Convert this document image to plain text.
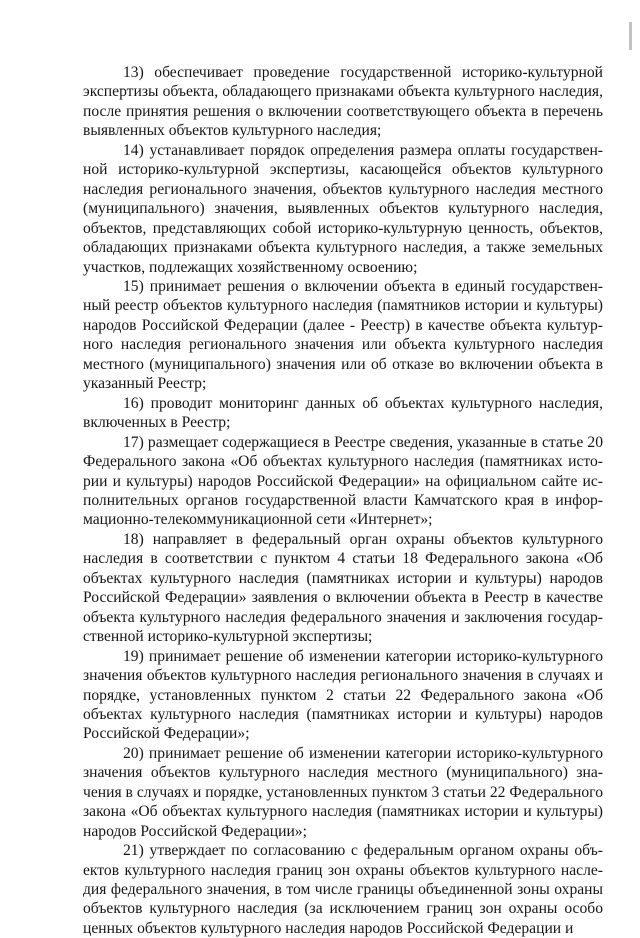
13) обеспечивает проведение государственной историко-культурной экспертизы объекта, обладающего признаками объекта культурного наследия, после принятия решения о включении соответствующего объекта в перечень выявленных объектов культурного наследия;

14) устанавливает порядок определения размера оплаты государственной историко-культурной экспертизы, касающейся объектов культурного наследия регионального значения, объектов культурного наследия местного (муниципального) значения, выявленных объектов культурного наследия, объектов, представляющих собой историко-культурную ценность, объектов, обладающих признаками объекта культурного наследия, а также земельных участков, подлежащих хозяйственному освоению;

15) принимает решения о включении объекта в единый государственный реестр объектов культурного наследия (памятников истории и культуры) народов Российской Федерации (далее - Реестр) в качестве объекта культурного наследия регионального значения или объекта культурного наследия местного (муниципального) значения или об отказе во включении объекта в указанный Реестр;

16) проводит мониторинг данных об объектах культурного наследия, включенных в Реестр;

17) размещает содержащиеся в Реестре сведения, указанные в статье 20 Федерального закона «Об объектах культурного наследия (памятниках истории и культуры) народов Российской Федерации» на официальном сайте исполнительных органов государственной власти Камчатского края в информационно-телекоммуникационной сети «Интернет»;

18) направляет в федеральный орган охраны объектов культурного наследия в соответствии с пунктом 4 статьи 18 Федерального закона «Об объектах культурного наследия (памятниках истории и культуры) народов Российской Федерации» заявления о включении объекта в Реестр в качестве объекта культурного наследия федерального значения и заключения государственной историко-культурной экспертизы;

19) принимает решение об изменении категории историко-культурного значения объектов культурного наследия регионального значения в случаях и порядке, установленных пунктом 2 статьи 22 Федерального закона «Об объектах культурного наследия (памятниках истории и культуры) народов Российской Федерации»;

20) принимает решение об изменении категории историко-культурного значения объектов культурного наследия местного (муниципального) значения в случаях и порядке, установленных пунктом 3 статьи 22 Федерального закона «Об объектах культурного наследия (памятниках истории и культуры) народов Российской Федерации»;

21) утверждает по согласованию с федеральным органом охраны объектов культурного наследия границ зон охраны объектов культурного наследия федерального значения, в том числе границы объединенной зоны охраны объектов культурного наследия (за исключением границ зон охраны особо ценных объектов культурного наследия народов Российской Федерации и
